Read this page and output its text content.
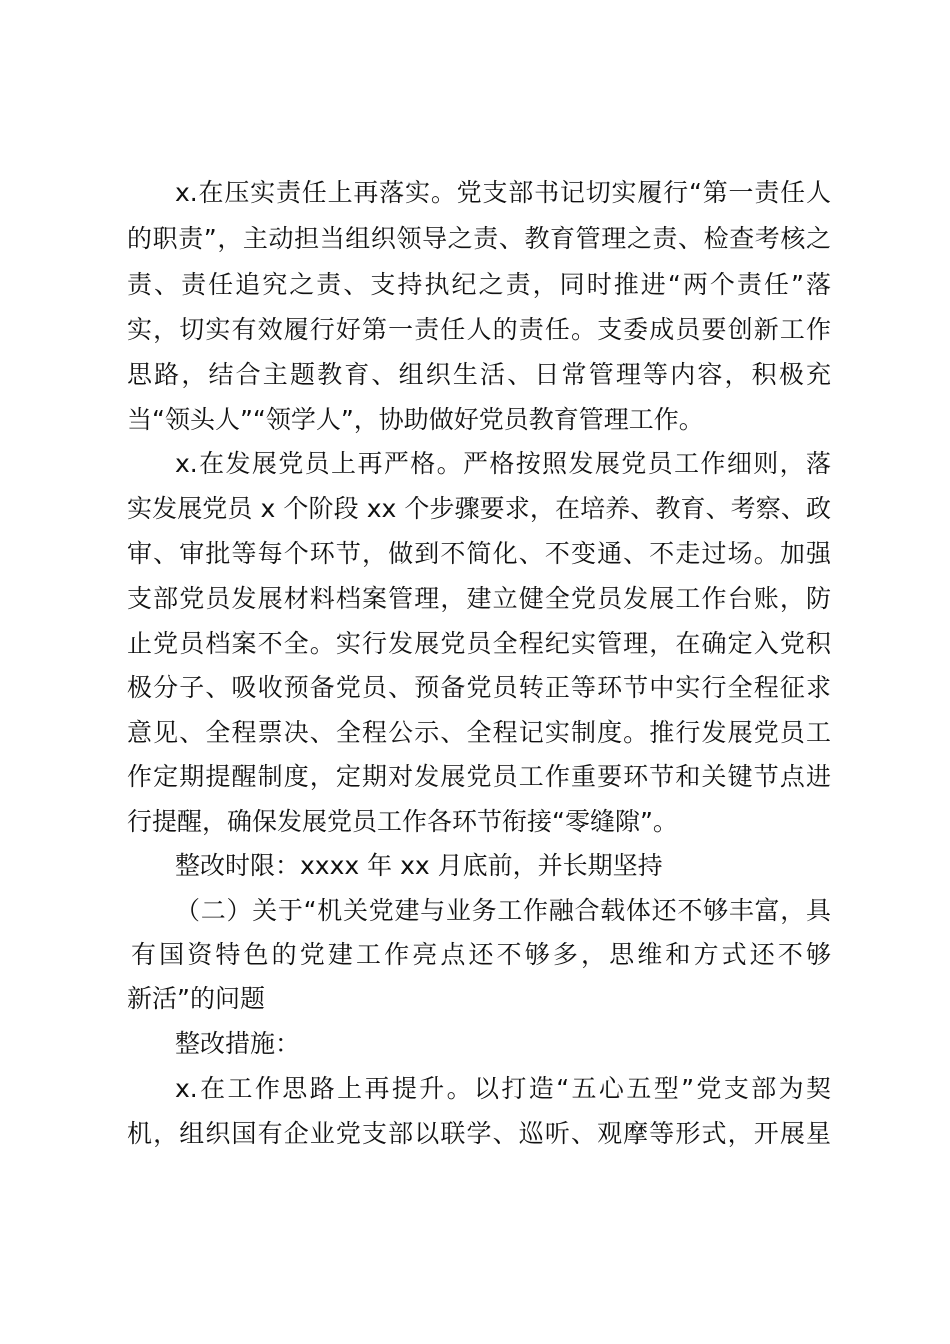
x.在压实责任上再落实。党支部书记切实履行“第一责任人
的职责”，主动担当组织领导之责、教育管理之责、检查考核之
责、责任追究之责、支持执纪之责，同时推进“两个责任”落
实，切实有效履行好第一责任人的责任。支委成员要创新工作
思路，结合主题教育、组织生活、日常管理等内容，积极充
当“领头人”“领学人”，协助做好党员教育管理工作。
x.在发展党员上再严格。严格按照发展党员工作细则，落
实发展党员 x 个阶段 xx 个步骤要求，在培养、教育、考察、政
审、审批等每个环节，做到不简化、不变通、不走过场。加强
支部党员发展材料档案管理，建立健全党员发展工作台账，防
止党员档案不全。实行发展党员全程纪实管理，在确定入党积
极分子、吸收预备党员、预备党员转正等环节中实行全程征求
意见、全程票决、全程公示、全程记实制度。推行发展党员工
作定期提醒制度，定期对发展党员工作重要环节和关键节点进
行提醒，确保发展党员工作各环节衔接“零缝隙”。
整改时限：xxxx 年 xx 月底前，并长期坚持
（二）关于“机关党建与业务工作融合载体还不够丰富，具
有国资特色的党建工作亮点还不够多，思维和方式还不够
新活”的问题
整改措施：
x.在工作思路上再提升。以打造“五心五型”党支部为契
机，组织国有企业党支部以联学、巡听、观摩等形式，开展星
